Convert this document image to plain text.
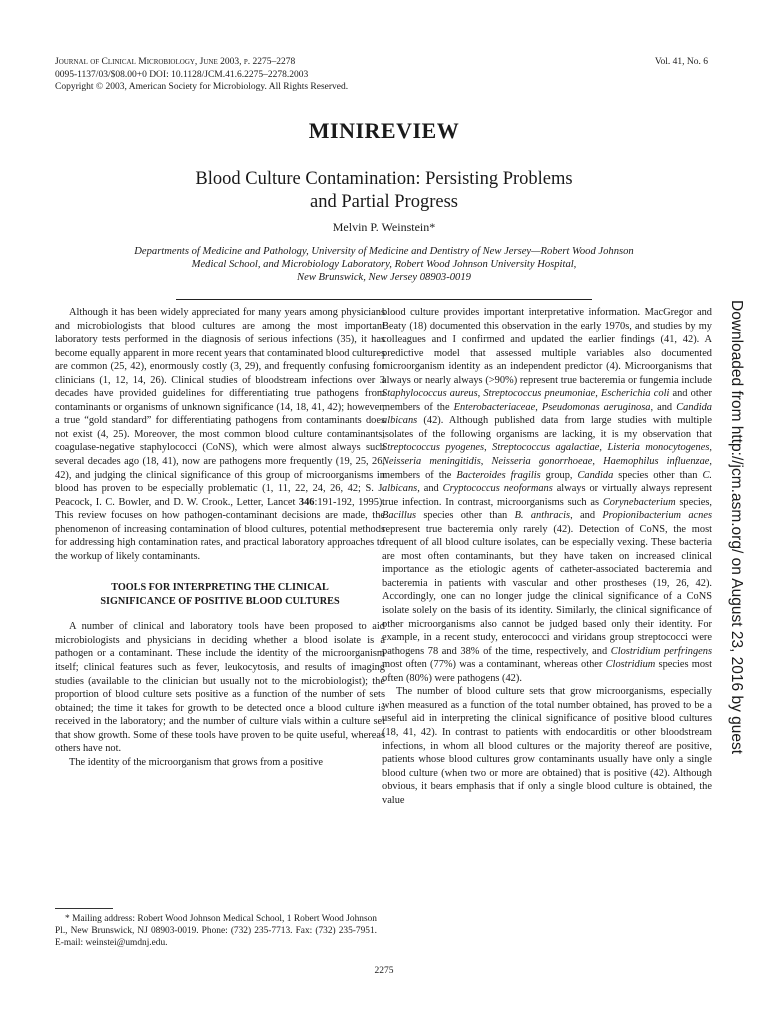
Journal of Clinical Microbiology, June 2003, p. 2275–2278
0095-1137/03/$08.00+0 DOI: 10.1128/JCM.41.6.2275–2278.2003
Copyright © 2003, American Society for Microbiology. All Rights Reserved.
Vol. 41, No. 6
MINIREVIEW
Blood Culture Contamination: Persisting Problems
and Partial Progress
Melvin P. Weinstein*
Departments of Medicine and Pathology, University of Medicine and Dentistry of New Jersey—Robert Wood Johnson
Medical School, and Microbiology Laboratory, Robert Wood Johnson University Hospital,
New Brunswick, New Jersey 08903-0019

Although it has been widely appreciated for many years among physicians and microbiologists that blood cultures are among the most important laboratory tests performed in the diagnosis of serious infections (35), it has become equally apparent in more recent years that contaminated blood cultures are common (25, 42), enormously costly (3, 29), and frequently confusing for clinicians (1, 12, 14, 26). Clinical studies of bloodstream infections over 3 decades have provided guidelines for differentiating true pathogens from contaminants or organisms of unknown significance (14, 18, 41, 42); however, a true “gold standard” for differentiating pathogens from contaminants does not exist (4, 25). Moreover, the most common blood culture contaminants, coagulase-negative staphylococci (CoNS), which were almost always such several decades ago (18, 41), now are pathogens more frequently (19, 25, 26, 42), and judging the clinical significance of this group of microorganisms in blood has proven to be especially problematic (1, 11, 22, 24, 26, 42; S. J. Peacock, I. C. Bowler, and D. W. Crook., Letter, Lancet 346:191-192, 1995). This review focuses on how pathogen-contaminant decisions are made, the phenomenon of increasing contamination of blood cultures, potential methods for addressing high contamination rates, and practical laboratory approaches to the workup of likely contaminants.

TOOLS FOR INTERPRETING THE CLINICAL
SIGNIFICANCE OF POSITIVE BLOOD CULTURES

A number of clinical and laboratory tools have been proposed to aid microbiologists and physicians in deciding whether a blood isolate is a pathogen or a contaminant. These include the identity of the microorganism itself; clinical features such as fever, leukocytosis, and results of imaging studies (available to the clinician but usually not to the microbiologist); the proportion of blood culture sets positive as a function of the number of sets obtained; the time it takes for growth to be detected once a blood culture is received in the laboratory; and the number of culture vials within a culture set that show growth. Some of these tools have proven to be quite useful, whereas others have not.

The identity of the microorganism that grows from a positive

* Mailing address: Robert Wood Johnson Medical School, 1 Robert Wood Johnson Pl., New Brunswick, NJ 08903-0019. Phone: (732) 235-7713. Fax: (732) 235-7951. E-mail: weinstei@umdnj.edu.

blood culture provides important interpretative information. MacGregor and Beaty (18) documented this observation in the early 1970s, and studies by my colleagues and I confirmed and updated the earlier findings (41, 42). A predictive model that assessed multiple variables also documented microorganism identity as an independent predictor (4). Microorganisms that always or nearly always (>90%) represent true bacteremia or fungemia include Staphylococcus aureus, Streptococcus pneumoniae, Escherichia coli and other members of the Enterobacteriaceae, Pseudomonas aeruginosa, and Candida albicans (42). Although published data from large studies with multiple isolates of the following organisms are lacking, it is my observation that Streptococcus pyogenes, Streptococcus agalactiae, Listeria monocytogenes, Neisseria meningitidis, Neisseria gonorrhoeae, Haemophilus influenzae, members of the Bacteroides fragilis group, Candida species other than C. albicans, and Cryptococcus neoformans always or virtually always represent true infection. In contrast, microorganisms such as Corynebacterium species, Bacillus species other than B. anthracis, and Propionibacterium acnes represent true bacteremia only rarely (42). Detection of CoNS, the most frequent of all blood culture isolates, can be especially vexing. These bacteria are most often contaminants, but they have taken on increased clinical importance as the etiologic agents of catheter-associated bacteremia and bacteremia in patients with vascular and other prostheses (19, 26, 42). Accordingly, one can no longer judge the clinical significance of a CoNS isolate solely on the basis of its identity. Similarly, the clinical significance of other microorganisms also cannot be judged based only their identity. For example, in a recent study, enterococci and viridans group streptococci were pathogens 78 and 38% of the time, respectively, and Clostridium perfringens most often (77%) was a contaminant, whereas other Clostridium species most often (80%) were pathogens (42).

The number of blood culture sets that grow microorganisms, especially when measured as a function of the total number obtained, has proved to be a useful aid in interpreting the clinical significance of positive blood cultures (18, 41, 42). In contrast to patients with endocarditis or other bloodstream infections, in whom all blood cultures or the majority thereof are positive, patients whose blood cultures grow contaminants usually have only a single blood culture (when two or more are obtained) that is positive (42). Although obvious, it bears emphasis that if only a single blood culture is obtained, the value

2275
Downloaded from http://jcm.asm.org/ on August 23, 2016 by guest
